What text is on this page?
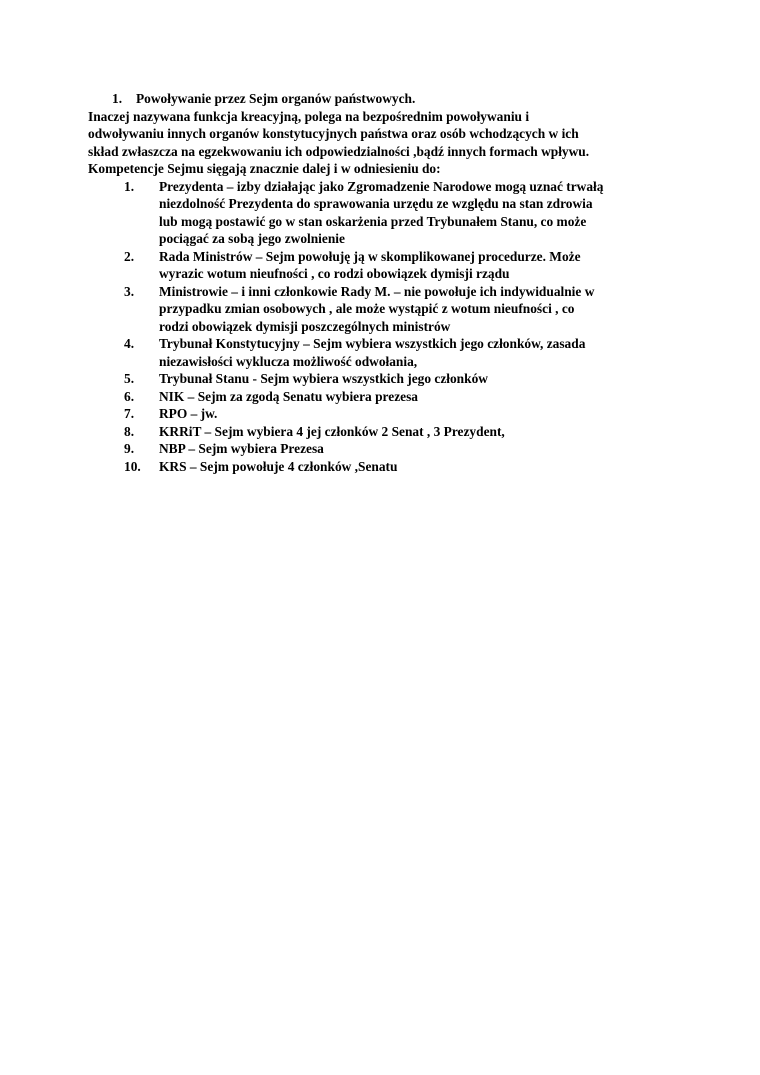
1.	Powoływanie przez Sejm organów państwowych.

Inaczej nazywana funkcja kreacyjną, polega na bezpośrednim powoływaniu i
odwoływaniu innych organów konstytucyjnych państwa oraz osób wchodzących w ich
skład zwłaszcza na egzekwowaniu ich odpowiedzialności ,bądź innych formach wpływu.
Kompetencje Sejmu sięgają znacznie dalej i w odniesieniu do:

1.	Prezydenta – izby działając jako Zgromadzenie Narodowe mogą uznać trwałą
niezdolność Prezydenta do sprawowania urzędu ze względu na stan zdrowia
lub mogą postawić go w stan oskarżenia przed Trybunałem Stanu, co może
pociągać za sobą jego zwolnienie
2.	Rada Ministrów – Sejm powołuję ją w skomplikowanej procedurze. Może
wyrazic wotum nieufności , co rodzi obowiązek dymisji rządu
3.	Ministrowie – i inni członkowie Rady M. – nie powołuje ich indywidualnie w
przypadku zmian osobowych , ale może wystąpić z wotum nieufności , co
rodzi obowiązek dymisji poszczególnych ministrów
4.	Trybunał Konstytucyjny – Sejm wybiera wszystkich jego członków, zasada
niezawisłości wyklucza możliwość odwołania,
5.	Trybunał Stanu - Sejm wybiera wszystkich jego członków
6.	NIK – Sejm za zgodą Senatu wybiera prezesa
7.	RPO – jw.
8.	KRRiT – Sejm wybiera 4 jej członków 2 Senat , 3 Prezydent,
9.	NBP – Sejm wybiera Prezesa
10.	KRS – Sejm powołuje 4 członków ,Senatu
